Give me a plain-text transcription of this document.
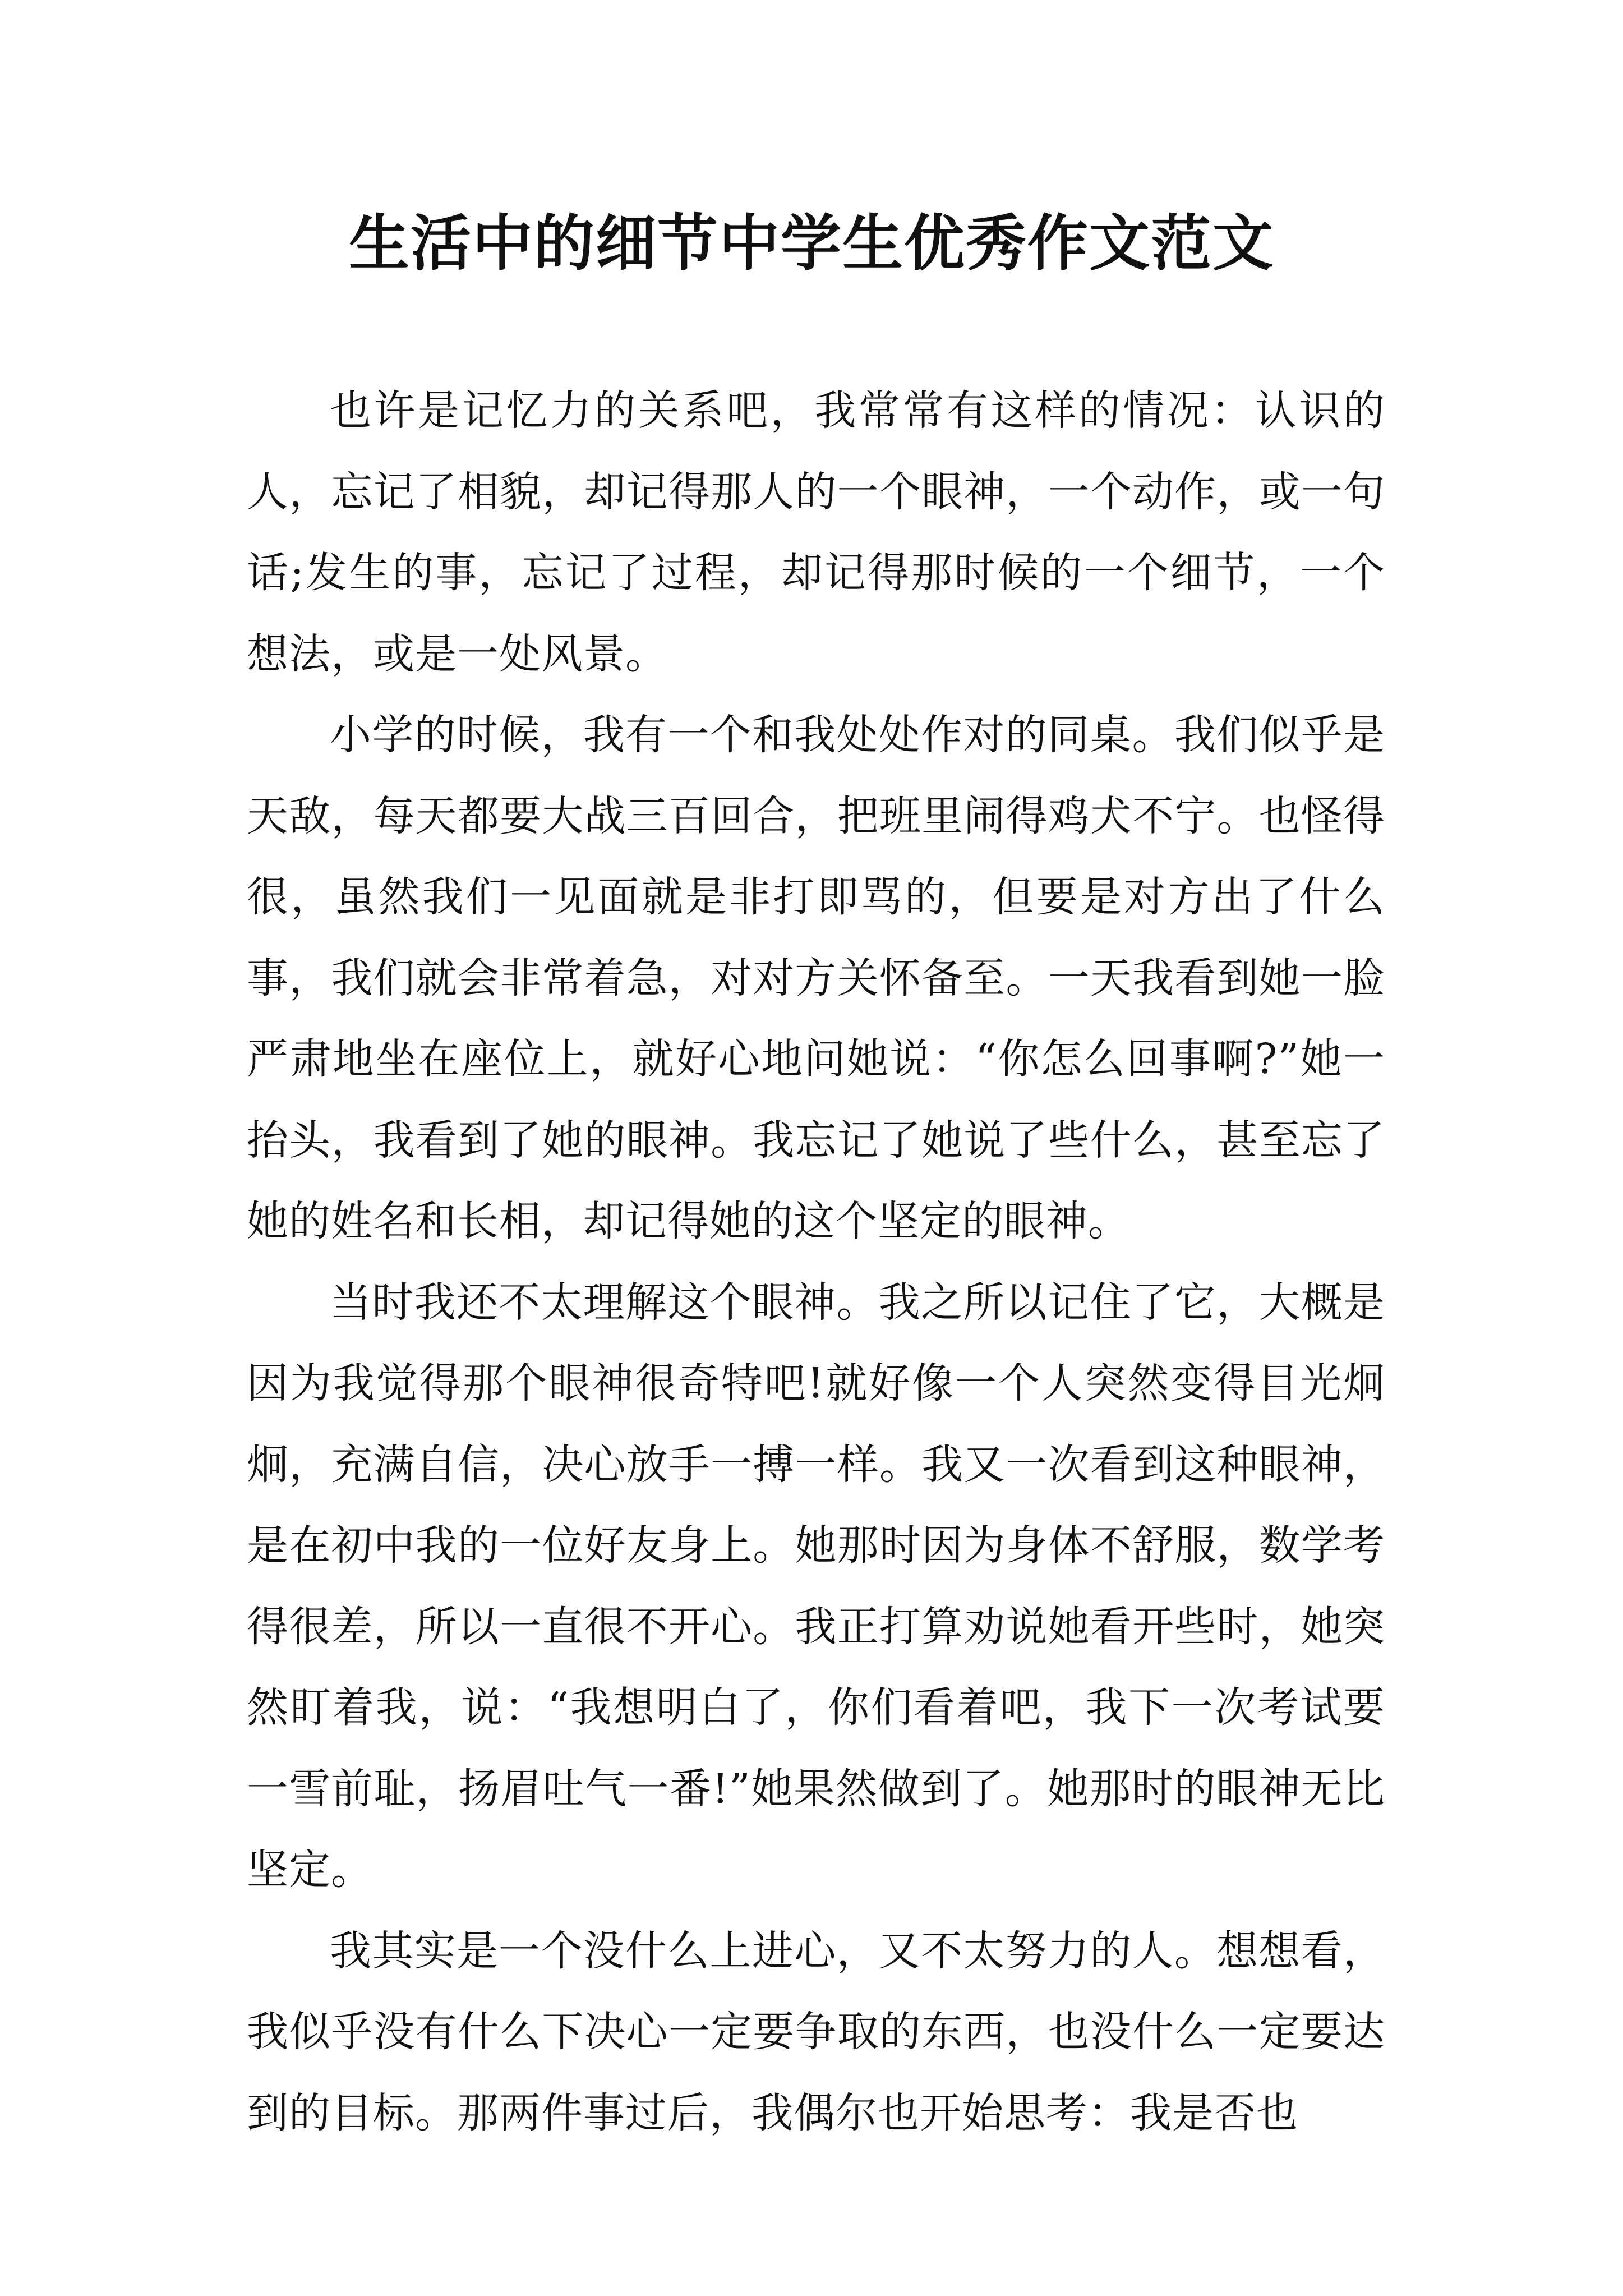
生活中的细节中学生优秀作文范文

也许是记忆力的关系吧，我常常有这样的情况：认识的人，忘记了相貌，却记得那人的一个眼神，一个动作，或一句话;发生的事，忘记了过程，却记得那时候的一个细节，一个想法，或是一处风景。

小学的时候，我有一个和我处处作对的同桌。我们似乎是天敌，每天都要大战三百回合，把班里闹得鸡犬不宁。也怪得很，虽然我们一见面就是非打即骂的，但要是对方出了什么事，我们就会非常着急，对对方关怀备至。一天我看到她一脸严肃地坐在座位上，就好心地问她说：“你怎么回事啊?”她一抬头，我看到了她的眼神。我忘记了她说了些什么，甚至忘了她的姓名和长相，却记得她的这个坚定的眼神。

当时我还不太理解这个眼神。我之所以记住了它，大概是因为我觉得那个眼神很奇特吧!就好像一个人突然变得目光炯炯，充满自信，决心放手一搏一样。我又一次看到这种眼神，是在初中我的一位好友身上。她那时因为身体不舒服，数学考得很差，所以一直很不开心。我正打算劝说她看开些时，她突然盯着我，说：“我想明白了，你们看着吧，我下一次考试要一雪前耻，扬眉吐气一番!”她果然做到了。她那时的眼神无比坚定。

我其实是一个没什么上进心，又不太努力的人。想想看，我似乎没有什么下决心一定要争取的东西，也没什么一定要达到的目标。那两件事过后，我偶尔也开始思考：我是否也
